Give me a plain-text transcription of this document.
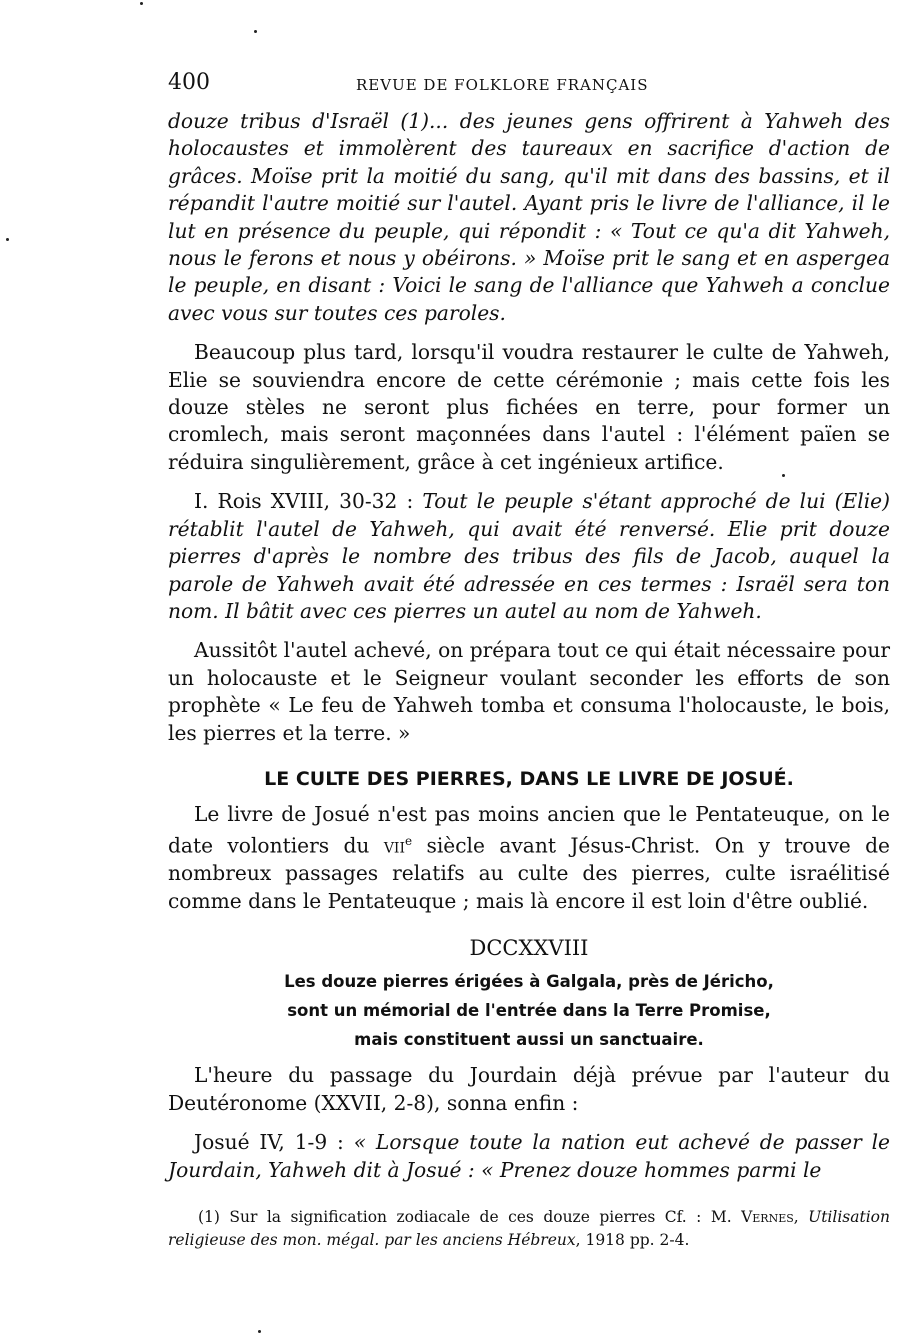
400	REVUE DE FOLKLORE FRANÇAIS

douze tribus d'Israël (1)... des jeunes gens offrirent à Yahweh des holocaustes et immolèrent des taureaux en sacrifice d'action de grâces. Moïse prit la moitié du sang, qu'il mit dans des bassins, et il répandit l'autre moitié sur l'autel. Ayant pris le livre de l'alliance, il le lut en présence du peuple, qui répondit : « Tout ce qu'a dit Yahweh, nous le ferons et nous y obéirons. » Moïse prit le sang et en aspergea le peuple, en disant : Voici le sang de l'alliance que Yahweh a conclue avec vous sur toutes ces paroles.

Beaucoup plus tard, lorsqu'il voudra restaurer le culte de Yahweh, Elie se souviendra encore de cette cérémonie ; mais cette fois les douze stèles ne seront plus fichées en terre, pour former un cromlech, mais seront maçonnées dans l'autel : l'élément païen se réduira singulièrement, grâce à cet ingénieux artifice.

I. Rois XVIII, 30-32 : Tout le peuple s'étant approché de lui (Elie) rétablit l'autel de Yahweh, qui avait été renversé. Elie prit douze pierres d'après le nombre des tribus des fils de Jacob, auquel la parole de Yahweh avait été adressée en ces termes : Israël sera ton nom. Il bâtit avec ces pierres un autel au nom de Yahweh.

Aussitôt l'autel achevé, on prépara tout ce qui était nécessaire pour un holocauste et le Seigneur voulant seconder les efforts de son prophète « Le feu de Yahweh tomba et consuma l'holocauste, le bois, les pierres et la terre. »

LE CULTE DES PIERRES, DANS LE LIVRE DE JOSUÉ.

Le livre de Josué n'est pas moins ancien que le Pentateuque, on le date volontiers du vii$^e$ siècle avant Jésus-Christ. On y trouve de nombreux passages relatifs au culte des pierres, culte israélitisé comme dans le Pentateuque ; mais là encore il est loin d'être oublié.

DCCXXVIII
Les douze pierres érigées à Galgala, près de Jéricho,
sont un mémorial de l'entrée dans la Terre Promise,
mais constituent aussi un sanctuaire.

L'heure du passage du Jourdain déjà prévue par l'auteur du Deutéronome (XXVII, 2-8), sonna enfin :

Josué IV, 1-9 : « Lorsque toute la nation eut achevé de passer le Jourdain, Yahweh dit à Josué : « Prenez douze hommes parmi le

(1) Sur la signification zodiacale de ces douze pierres Cf. : M. Vernes, Utilisation religieuse des mon. mégal. par les anciens Hébreux, 1918 pp. 2-4.
